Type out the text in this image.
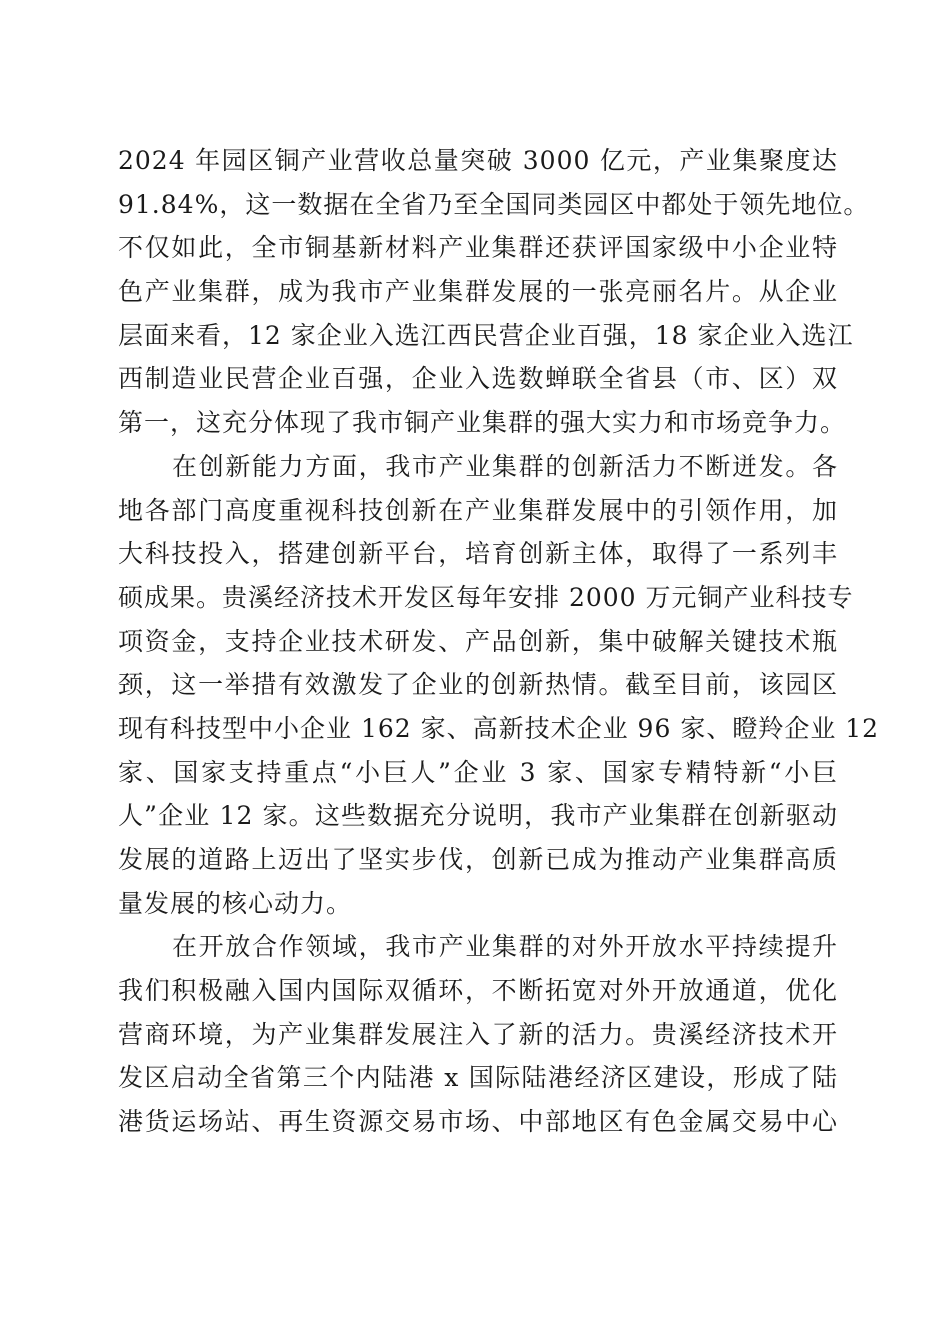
2024 年园区铜产业营收总量突破 3000 亿元，产业集聚度达
91.84%，这一数据在全省乃至全国同类园区中都处于领先地位。
不仅如此，全市铜基新材料产业集群还获评国家级中小企业特
色产业集群，成为我市产业集群发展的一张亮丽名片。从企业
层面来看，12 家企业入选江西民营企业百强，18 家企业入选江
西制造业民营企业百强，企业入选数蝉联全省县（市、区）双
第一，这充分体现了我市铜产业集群的强大实力和市场竞争力。
在创新能力方面，我市产业集群的创新活力不断迸发。各
地各部门高度重视科技创新在产业集群发展中的引领作用，加
大科技投入，搭建创新平台，培育创新主体，取得了一系列丰
硕成果。贵溪经济技术开发区每年安排 2000 万元铜产业科技专
项资金，支持企业技术研发、产品创新，集中破解关键技术瓶
颈，这一举措有效激发了企业的创新热情。截至目前，该园区
现有科技型中小企业 162 家、高新技术企业 96 家、瞪羚企业 12
家、国家支持重点“小巨人”企业 3 家、国家专精特新“小巨
人”企业 12 家。这些数据充分说明，我市产业集群在创新驱动
发展的道路上迈出了坚实步伐，创新已成为推动产业集群高质
量发展的核心动力。
在开放合作领域，我市产业集群的对外开放水平持续提升
我们积极融入国内国际双循环，不断拓宽对外开放通道，优化
营商环境，为产业集群发展注入了新的活力。贵溪经济技术开
发区启动全省第三个内陆港 x 国际陆港经济区建设，形成了陆
港货运场站、再生资源交易市场、中部地区有色金属交易中心
